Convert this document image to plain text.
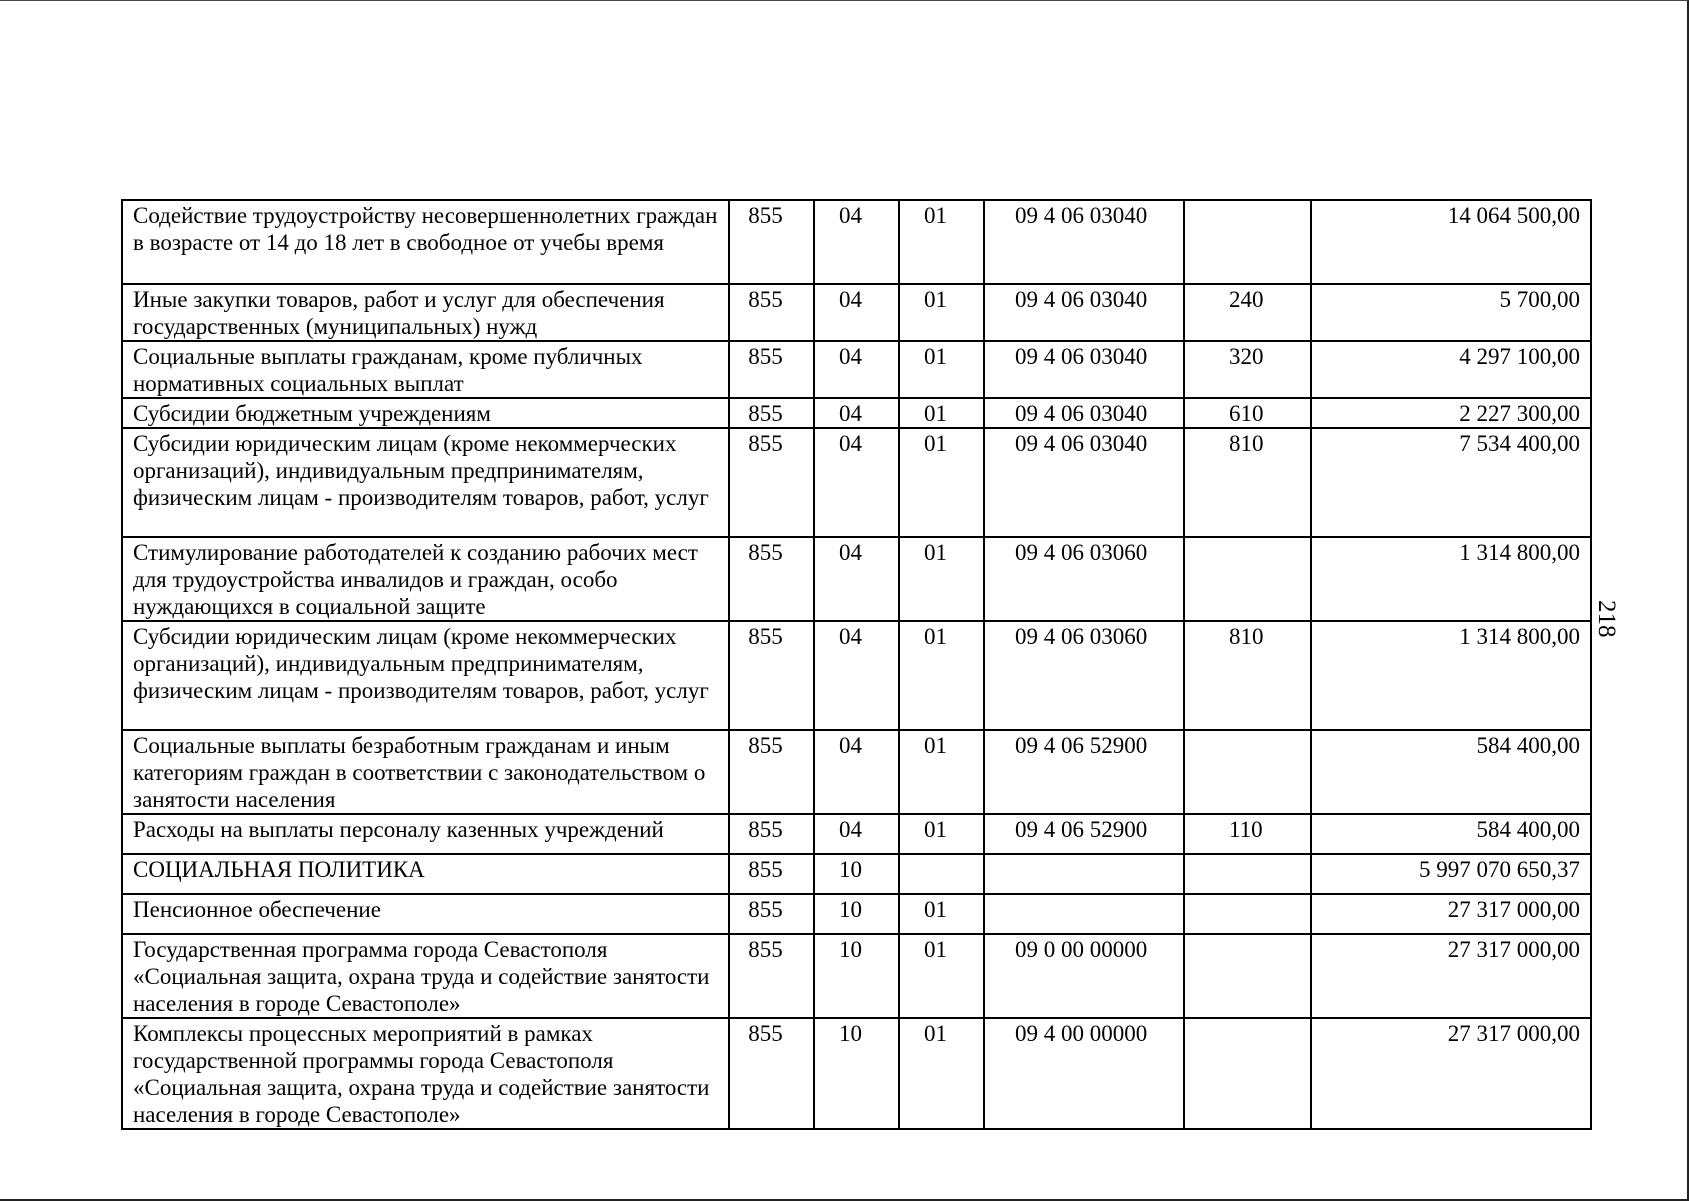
Содействие трудоустройству несовершеннолетних граждан в возрасте от 14 до 18 лет в свободное от учебы время	855	04	01	09 4 06 03040		14 064 500,00
Иные закупки товаров, работ и услуг для обеспечения государственных (муниципальных) нужд	855	04	01	09 4 06 03040	240	5 700,00
Социальные выплаты гражданам, кроме публичных нормативных социальных выплат	855	04	01	09 4 06 03040	320	4 297 100,00
Субсидии бюджетным учреждениям	855	04	01	09 4 06 03040	610	2 227 300,00
Субсидии юридическим лицам (кроме некоммерческих организаций), индивидуальным предпринимателям, физическим лицам - производителям товаров, работ, услуг	855	04	01	09 4 06 03040	810	7 534 400,00
Стимулирование работодателей к созданию рабочих мест для трудоустройства инвалидов и граждан, особо нуждающихся в социальной защите	855	04	01	09 4 06 03060		1 314 800,00
Субсидии юридическим лицам (кроме некоммерческих организаций), индивидуальным предпринимателям, физическим лицам - производителям товаров, работ, услуг	855	04	01	09 4 06 03060	810	1 314 800,00
Социальные выплаты безработным гражданам и иным категориям граждан в соответствии с законодательством о занятости населения	855	04	01	09 4 06 52900		584 400,00
Расходы на выплаты персоналу казенных учреждений	855	04	01	09 4 06 52900	110	584 400,00
СОЦИАЛЬНАЯ ПОЛИТИКА	855	10				5 997 070 650,37
Пенсионное обеспечение	855	10	01			27 317 000,00
Государственная программа города Севастополя «Социальная защита, охрана труда и содействие занятости населения в городе Севастополе»	855	10	01	09 0 00 00000		27 317 000,00
Комплексы процессных мероприятий в рамках государственной программы города Севастополя «Социальная защита, охрана труда и содействие занятости населения в городе Севастополе»	855	10	01	09 4 00 00000		27 317 000,00
218
